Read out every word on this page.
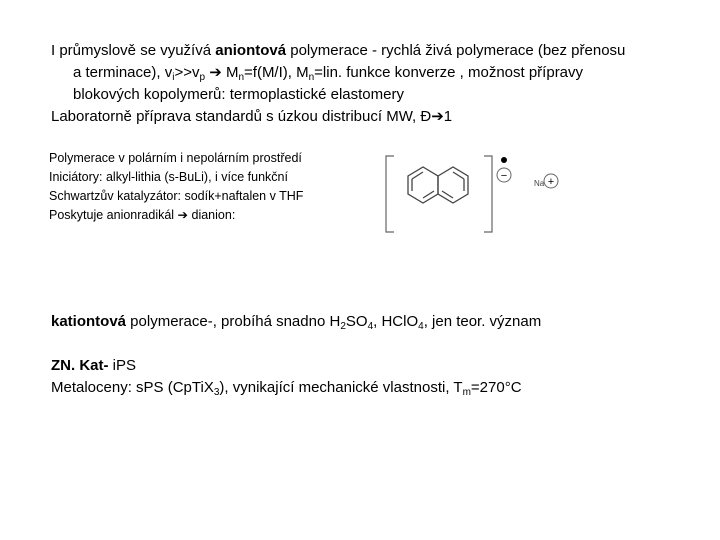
I průmyslově se využívá aniontová polymerace - rychlá živá polymerace (bez přenosu
a terminace), $v_i>>v_p$ ➔ $M_n=f(M/I)$, $M_n=lin$. funkce konverze , možnost přípravy
blokových kopolymerů: termoplastické elastomery
Laboratorně příprava standardů s úzkou distribucí MW, Đ➔1
Polymerace v polárním i nepolárním prostředí
Iniciátory: alkyl-lithia (s-BuLi), i více funkční
Schwartzův katalyzátor: sodík+naftalen v THF
Poskytuje anionradikál ➔ dianion:
−
Na +
kationtová polymerace-, probíhá snadno $H_2SO_4$, HClO$_4$, jen teor. význam
ZN. Kat- iPS
Metaloceny: sPS (CpTiX$_3$), vynikající mechanické vlastnosti, $T_m=270^\circ C$
